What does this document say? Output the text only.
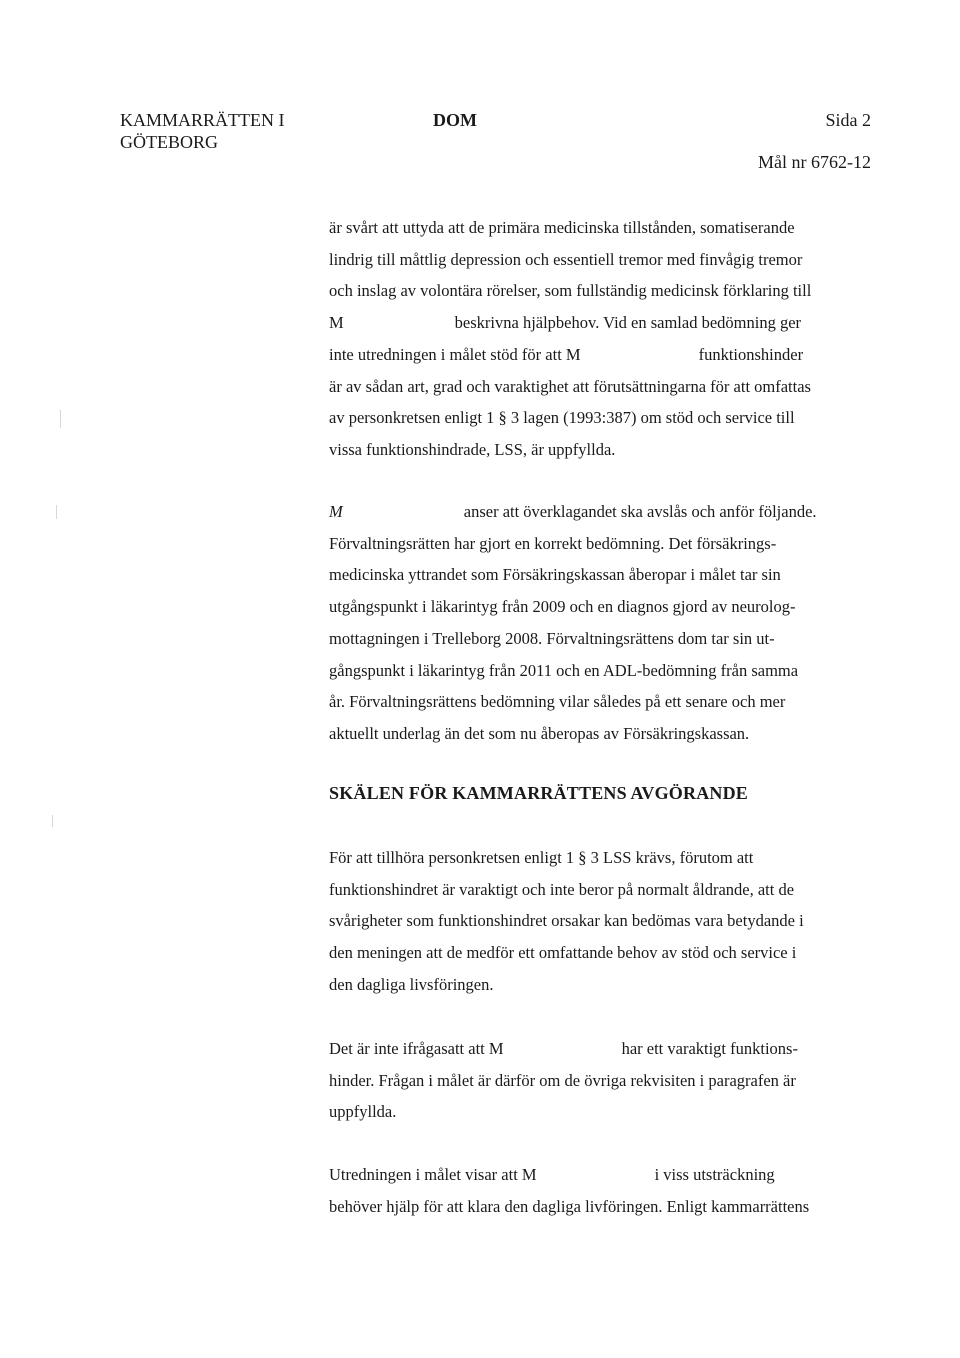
KAMMARRÄTTEN I
GÖTEBORG
DOM	Sida 2
Mål nr 6762-12

är svårt att uttyda att de primära medicinska tillstånden, somatiserande
lindrig till måttlig depression och essentiell tremor med finvågig tremor
och inslag av volontära rörelser, som fullständig medicinsk förklaring till
M	beskrivna hjälpbehov. Vid en samlad bedömning ger
inte utredningen i målet stöd för att M	funktionshinder
är av sådan art, grad och varaktighet att förutsättningarna för att omfattas
av personkretsen enligt 1 § 3 lagen (1993:387) om stöd och service till
vissa funktionshindrade, LSS, är uppfyllda.

M	anser att överklagandet ska avslås och anför följande.
Förvaltningsrätten har gjort en korrekt bedömning. Det försäkrings-
medicinska yttrandet som Försäkringskassan åberopar i målet tar sin
utgångspunkt i läkarintyg från 2009 och en diagnos gjord av neurolog-
mottagningen i Trelleborg 2008. Förvaltningsrättens dom tar sin ut-
gångspunkt i läkarintyg från 2011 och en ADL-bedömning från samma
år. Förvaltningsrättens bedömning vilar således på ett senare och mer
aktuellt underlag än det som nu åberopas av Försäkringskassan.

SKÄLEN FÖR KAMMARRÄTTENS AVGÖRANDE

För att tillhöra personkretsen enligt 1 § 3 LSS krävs, förutom att
funktionshindret är varaktigt och inte beror på normalt åldrande, att de
svårigheter som funktionshindret orsakar kan bedömas vara betydande i
den meningen att de medför ett omfattande behov av stöd och service i
den dagliga livsföringen.

Det är inte ifrågasatt att M	har ett varaktigt funktions-
hinder. Frågan i målet är därför om de övriga rekvisiten i paragrafen är
uppfyllda.

Utredningen i målet visar att M	i viss utsträckning
behöver hjälp för att klara den dagliga livföringen. Enligt kammarrättens
